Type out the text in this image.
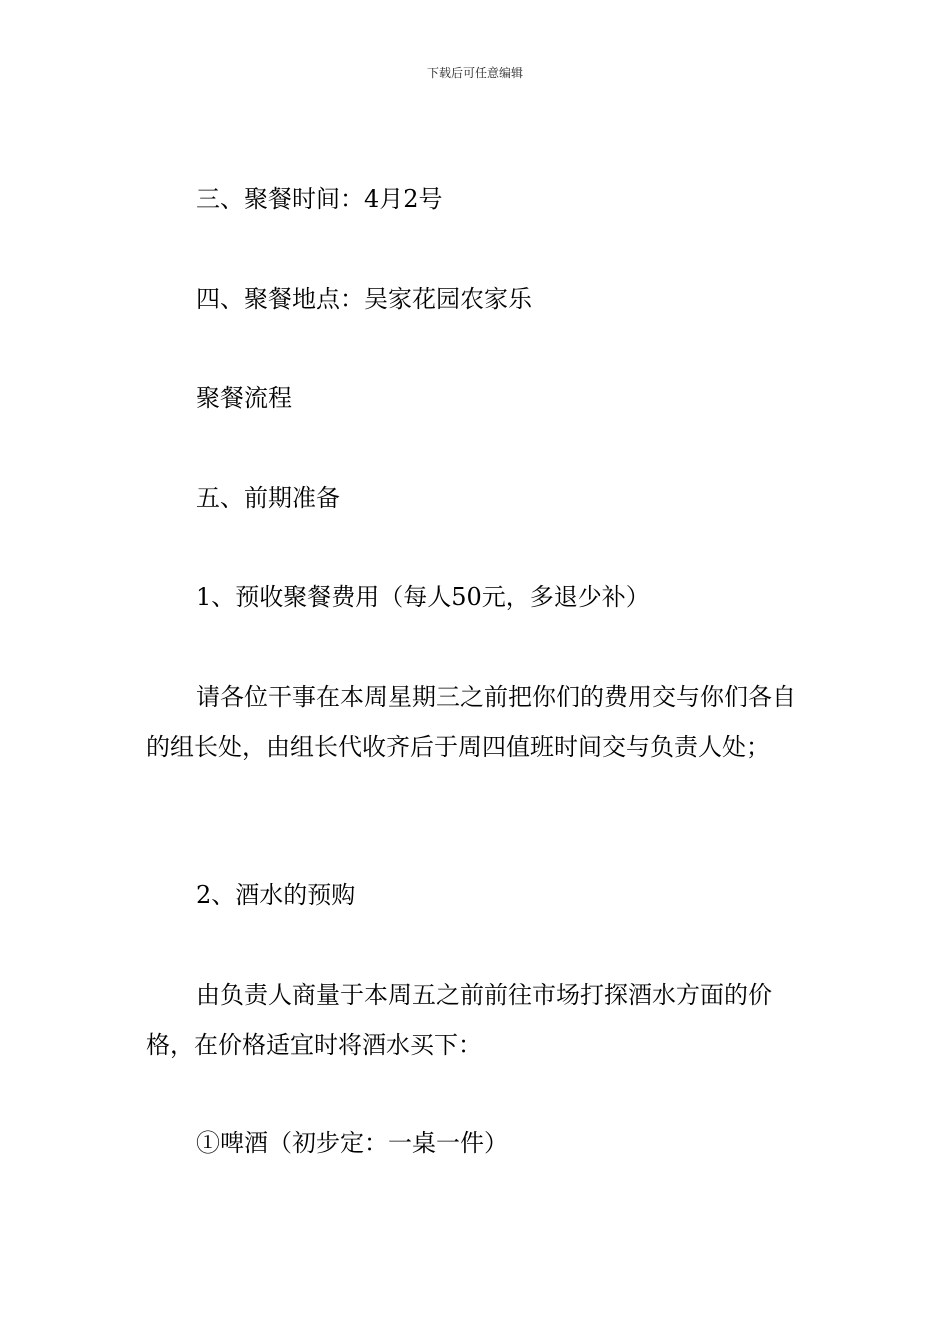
下载后可任意编辑

三、聚餐时间：4月2号

四、聚餐地点：吴家花园农家乐

聚餐流程

五、前期准备

1、预收聚餐费用（每人50元，多退少补）

请各位干事在本周星期三之前把你们的费用交与你们各自的组长处，由组长代收齐后于周四值班时间交与负责人处；

2、酒水的预购

由负责人商量于本周五之前前往市场打探酒水方面的价格，在价格适宜时将酒水买下：

①啤酒（初步定：一桌一件）
